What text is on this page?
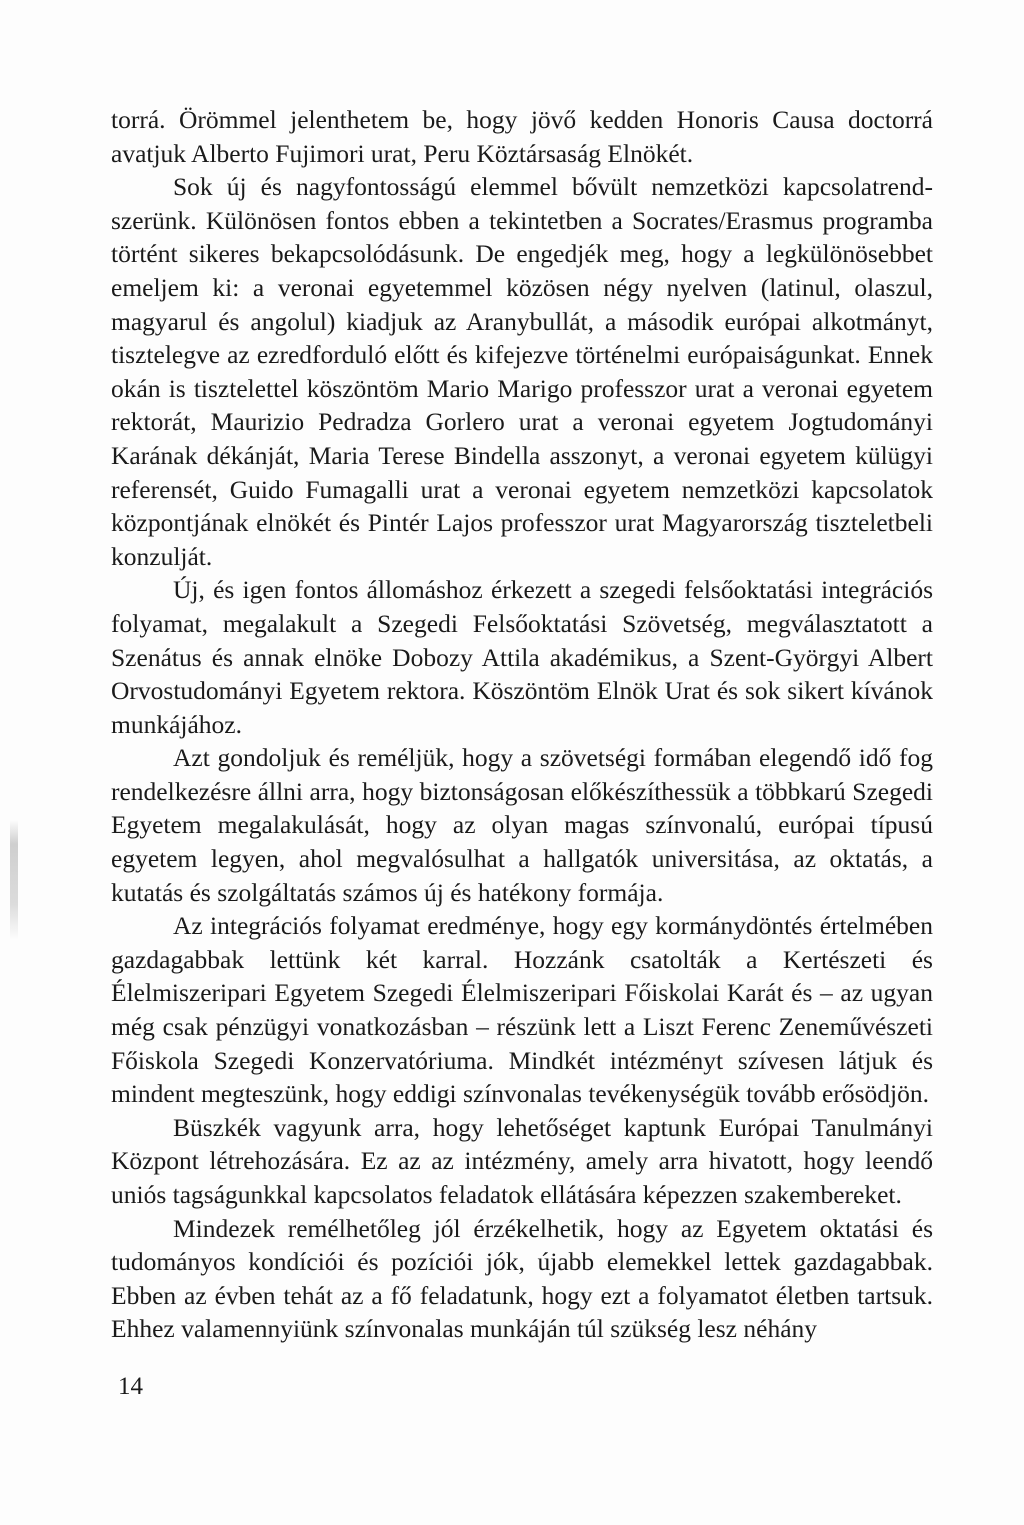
torrá. Örömmel jelenthetem be, hogy jövő kedden Honoris Causa doctorrá avatjuk Alberto Fujimori urat, Peru Köztársaság Elnökét.

Sok új és nagyfontosságú elemmel bővült nemzetközi kapcsolatrendszerünk. Különösen fontos ebben a tekintetben a Socrates/Erasmus programba történt sikeres bekapcsolódásunk. De engedjék meg, hogy a legkülönösebbet emeljem ki: a veronai egyetemmel közösen négy nyelven (latinul, olaszul, magyarul és angolul) kiadjuk az Aranybullát, a második európai alkotmányt, tisztelegve az ezredforduló előtt és kifejezve történelmi európaiságunkat. Ennek okán is tisztelettel köszöntöm Mario Marigo professzor urat a veronai egyetem rektorát, Maurizio Pedradza Gorlero urat a veronai egyetem Jogtudományi Karának dékánját, Maria Terese Bindella asszonyt, a veronai egyetem külügyi referensét, Guido Fumagalli urat a veronai egyetem nemzetközi kapcsolatok központjának elnökét és Pintér Lajos professzor urat Magyarország tiszteletbeli konzulját.

Új, és igen fontos állomáshoz érkezett a szegedi felsőoktatási integrációs folyamat, megalakult a Szegedi Felsőoktatási Szövetség, megválasztatott a Szenátus és annak elnöke Dobozy Attila akadémikus, a Szent-Györgyi Albert Orvostudományi Egyetem rektora. Köszöntöm Elnök Urat és sok sikert kívánok munkájához.

Azt gondoljuk és reméljük, hogy a szövetségi formában elegendő idő fog rendelkezésre állni arra, hogy biztonságosan előkészíthessük a többkarú Szegedi Egyetem megalakulását, hogy az olyan magas színvonalú, európai típusú egyetem legyen, ahol megvalósulhat a hallgatók universitása, az oktatás, a kutatás és szolgáltatás számos új és hatékony formája.

Az integrációs folyamat eredménye, hogy egy kormánydöntés értelmében gazdagabbak lettünk két karral. Hozzánk csatolták a Kertészeti és Élelmiszeripari Egyetem Szegedi Élelmiszeripari Főiskolai Karát és – az ugyan még csak pénzügyi vonatkozásban – részünk lett a Liszt Ferenc Zeneművészeti Főiskola Szegedi Konzervatóriuma. Mindkét intézményt szívesen látjuk és mindent megteszünk, hogy eddigi színvonalas tevékenységük tovább erősödjön.

Büszkék vagyunk arra, hogy lehetőséget kaptunk Európai Tanulmányi Központ létrehozására. Ez az az intézmény, amely arra hivatott, hogy leendő uniós tagságunkkal kapcsolatos feladatok ellátására képezzen szakembereket.

Mindezek remélhetőleg jól érzékelhetik, hogy az Egyetem oktatási és tudományos kondíciói és pozíciói jók, újabb elemekkel lettek gazdagabbak. Ebben az évben tehát az a fő feladatunk, hogy ezt a folyamatot életben tartsuk. Ehhez valamennyiünk színvonalas munkáján túl szükség lesz néhány

14
